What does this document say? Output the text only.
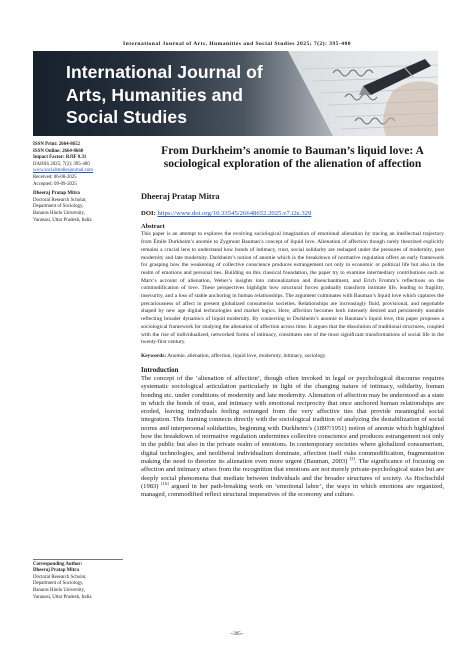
International Journal of Arts, Humanities and Social Studies 2025; 7(2): 395-400
International Journal of
Arts, Humanities and
Social Studies
ISSN Print: 2664-8652
ISSN Online: 2664-8660
Impact Factor: RJIF 8.31
IJAHSS 2025; 7(2): 395-400
www.socialstudiesjournal.com
Received: 06-08-2025
Accepted: 09-09-2025
Dheeraj Pratap Mitra
Doctoral Research Scholar,
Department of Sociology,
Banaras Hindu University,
Varanasi, Uttar Pradesh, India
Corresponding Author:
Dheeraj Pratap Mitra
Doctoral Research Scholar,
Department of Sociology,
Banaras Hindu University,
Varanasi, Uttar Pradesh, India
From Durkheim’s anomie to Bauman’s liquid love: A sociological exploration of the alienation of affection
Dheeraj Pratap Mitra
DOI: https://www.doi.org/10.33545/26648652.2025.v7.i2e.329
Abstract
This paper is an attempt to explores the evolving sociological imagination of emotional alienation by tracing an intellectual trajectory from Émile Durkheim’s anomie to Zygmunt Bauman’s concept of liquid love. Alienation of affection though rarely theorized explicitly remains a crucial lens to understand how bonds of intimacy, trust, social solidarity are reshaped under the pressures of modernity, post modernity and late modernity. Durkheim’s notion of anomie which is the breakdown of normative regulation offers an early framework for grasping how the weakening of collective conscience produces estrangement not only in economic or political life but also in the realm of emotions and personal ties. Building on this classical foundation, the paper try to examine intermediary contributions such as Marx’s account of alienation, Weber’s insights into rationalization and disenchantment, and Erich Fromm’s reflections on the commodification of love. These perspectives highlight how structural forces gradually transform intimate life, leading to fragility, insecurity, and a loss of stable anchoring in human relationships. The argument culminates with Bauman’s liquid love which captures the precariousness of affect in present globalized consumerist societies. Relationships are increasingly fluid, provisional, and negotiable shaped by new age digital technologies and market logics. Here, affection becomes both intensely desired and persistently unstable reflecting broader dynamics of liquid modernity. By connecting to Durkheim’s anomie to Bauman’s liquid love, this paper proposes a sociological framework for studying the alienation of affection across time. It argues that the dissolution of traditional structures, coupled with the rise of individualized, networked forms of intimacy, constitutes one of the most significant transformations of social life in the twenty-first century.
Keywords: Anomie, alienation, affection, liquid love, modernity, intimacy, sociology
Introduction
The concept of the ‘alienation of affection’, though often invoked in legal or psychological discourse requires systematic sociological articulation particularly in light of the changing nature of intimacy, solidarity, human bonding etc. under conditions of modernity and late modernity. Alienation of affection may be understood as a state in which the bonds of trust, and intimacy with emotional reciprocity that once anchored human relationships are eroded, leaving individuals feeling estranged from the very affective ties that provide meaningful social integration. This framing connects directly with the sociological tradition of analyzing the destabilization of social norms and interpersonal solidarities, beginning with Durkheim’s (1897/1951) notion of anomie which highlighted how the breakdown of normative regulation undermines collective conscience and produces estrangement not only in the public but also in the private realm of emotions. In contemporary societies where globalized consumerism, digital technologies, and neoliberal individualism dominate, affection itself risks commodification, fragmentation making the need to theorize its alienation even more urgent (Bauman, 2003) [3]. The significance of focusing on affection and intimacy arises from the recognition that emotions are not merely private-psychological states but are deeply social phenomena that mediate between individuals and the broader structures of society. As Hochschild (1983) [16] argued in her path-breaking work on ‘emotional labor’, the ways in which emotions are organized, managed, commodified reflect structural imperatives of the economy and culture.
~395~
